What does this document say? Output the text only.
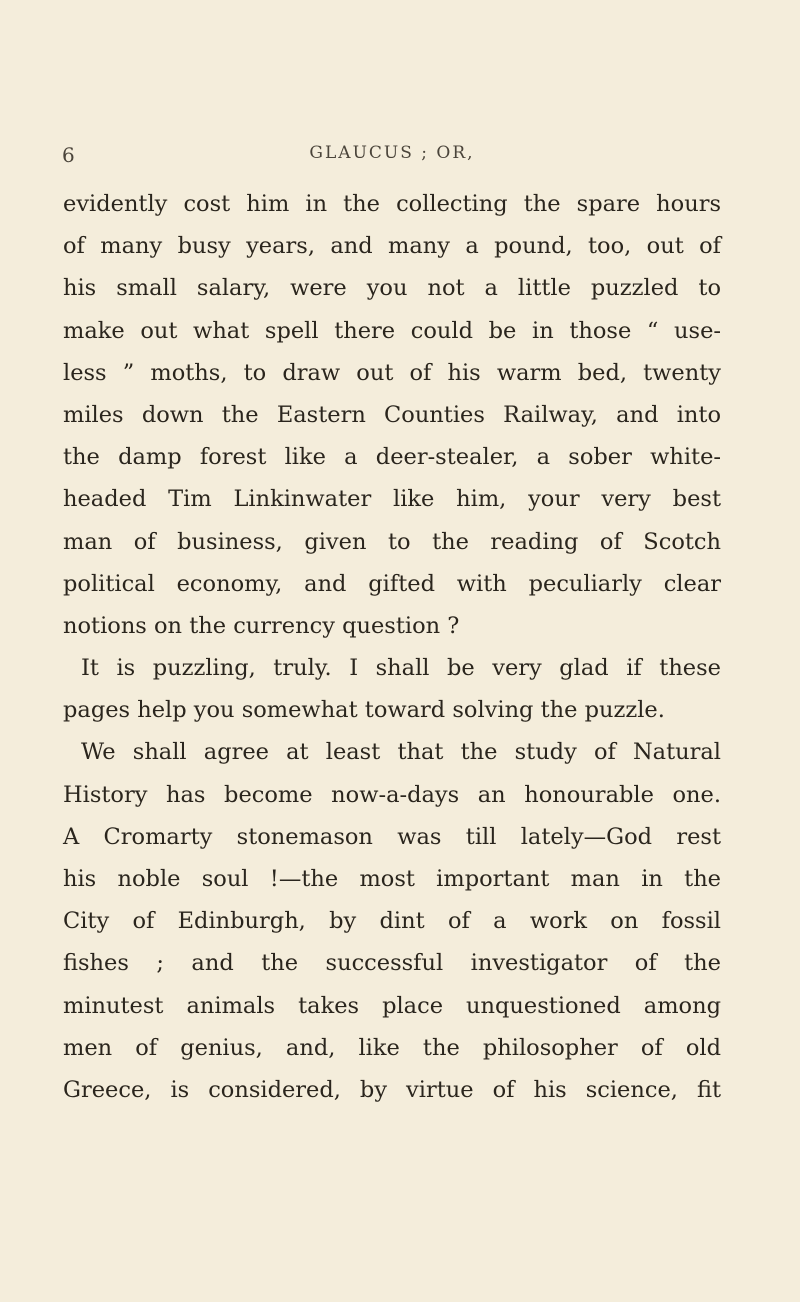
6	GLAUCUS ; OR,
evidently cost him in the collecting the spare hours
of many busy years, and many a pound, too, out of
his small salary, were you not a little puzzled to
make out what spell there could be in those “ use-
less ” moths, to draw out of his warm bed, twenty
miles down the Eastern Counties Railway, and into
the damp forest like a deer-stealer, a sober white-
headed Tim Linkinwater like him, your very best
man of business, given to the reading of Scotch
political economy, and gifted with peculiarly clear
notions on the currency question ?
It is puzzling, truly. I shall be very glad if these
pages help you somewhat toward solving the puzzle.
We shall agree at least that the study of Natural
History has become now-a-days an honourable one.
A Cromarty stonemason was till lately—God rest
his noble soul !—the most important man in the
City of Edinburgh, by dint of a work on fossil
fishes ; and the successful investigator of the
minutest animals takes place unquestioned among
men of genius, and, like the philosopher of old
Greece, is considered, by virtue of his science, fit
